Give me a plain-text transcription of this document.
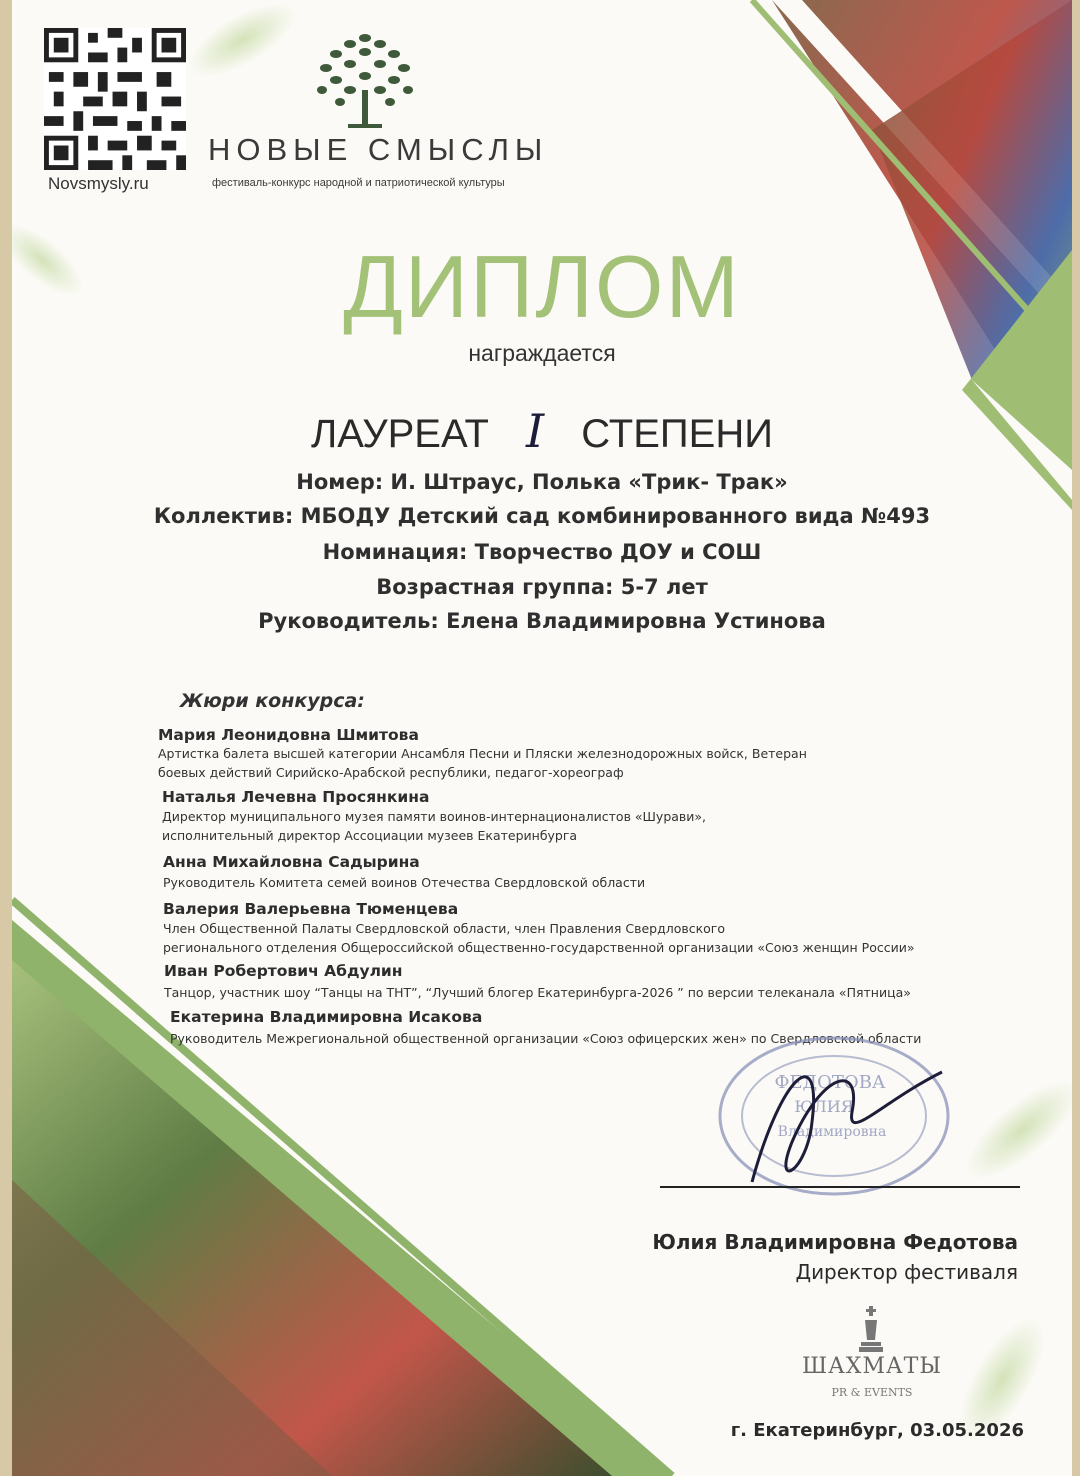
Novsmysly.ru
НОВЫЕ СМЫСЛЫ
фестиваль-конкурс народной и патриотической культуры
ДИПЛОМ
награждается
ЛАУРЕАТ I СТЕПЕНИ
Номер: И. Штраус, Полька «Трик- Трак»
Коллектив: МБОДУ Детский сад комбинированного вида №493
Номинация: Творчество ДОУ и СОШ
Возрастная группа: 5-7 лет
Руководитель: Елена Владимировна Устинова
Жюри конкурса:
Мария Леонидовна Шмитова
Артистка балета высшей категории Ансамбля Песни и Пляски железнодорожных войск, Ветеран
боевых действий Сирийско-Арабской республики, педагог-хореограф
Наталья Лечевна Просянкина
Директор муниципального музея памяти воинов-интернационалистов «Шурави»,
исполнительный директор Ассоциации музеев Екатеринбурга
Анна Михайловна Садырина
Руководитель Комитета семей воинов Отечества Свердловской области
Валерия Валерьевна Тюменцева
Член Общественной Палаты Свердловской области, член Правления Свердловского
регионального отделения Общероссийской общественно-государственной организации «Союз женщин России»
Иван Робертович Абдулин
Танцор, участник шоу “Танцы на ТНТ”, “Лучший блогер Екатеринбурга-2026 ” по версии телеканала «Пятница»
Екатерина Владимировна Исакова
Руководитель Межрегиональной общественной организации «Союз офицерских жен» по Свердловской области
ФЕДОТОВА
ЮЛИЯ
Владимировна
Юлия Владимировна Федотова
Директор фестиваля
ШАХМАТЫ
PR & EVENTS
г. Екатеринбург, 03.05.2026
